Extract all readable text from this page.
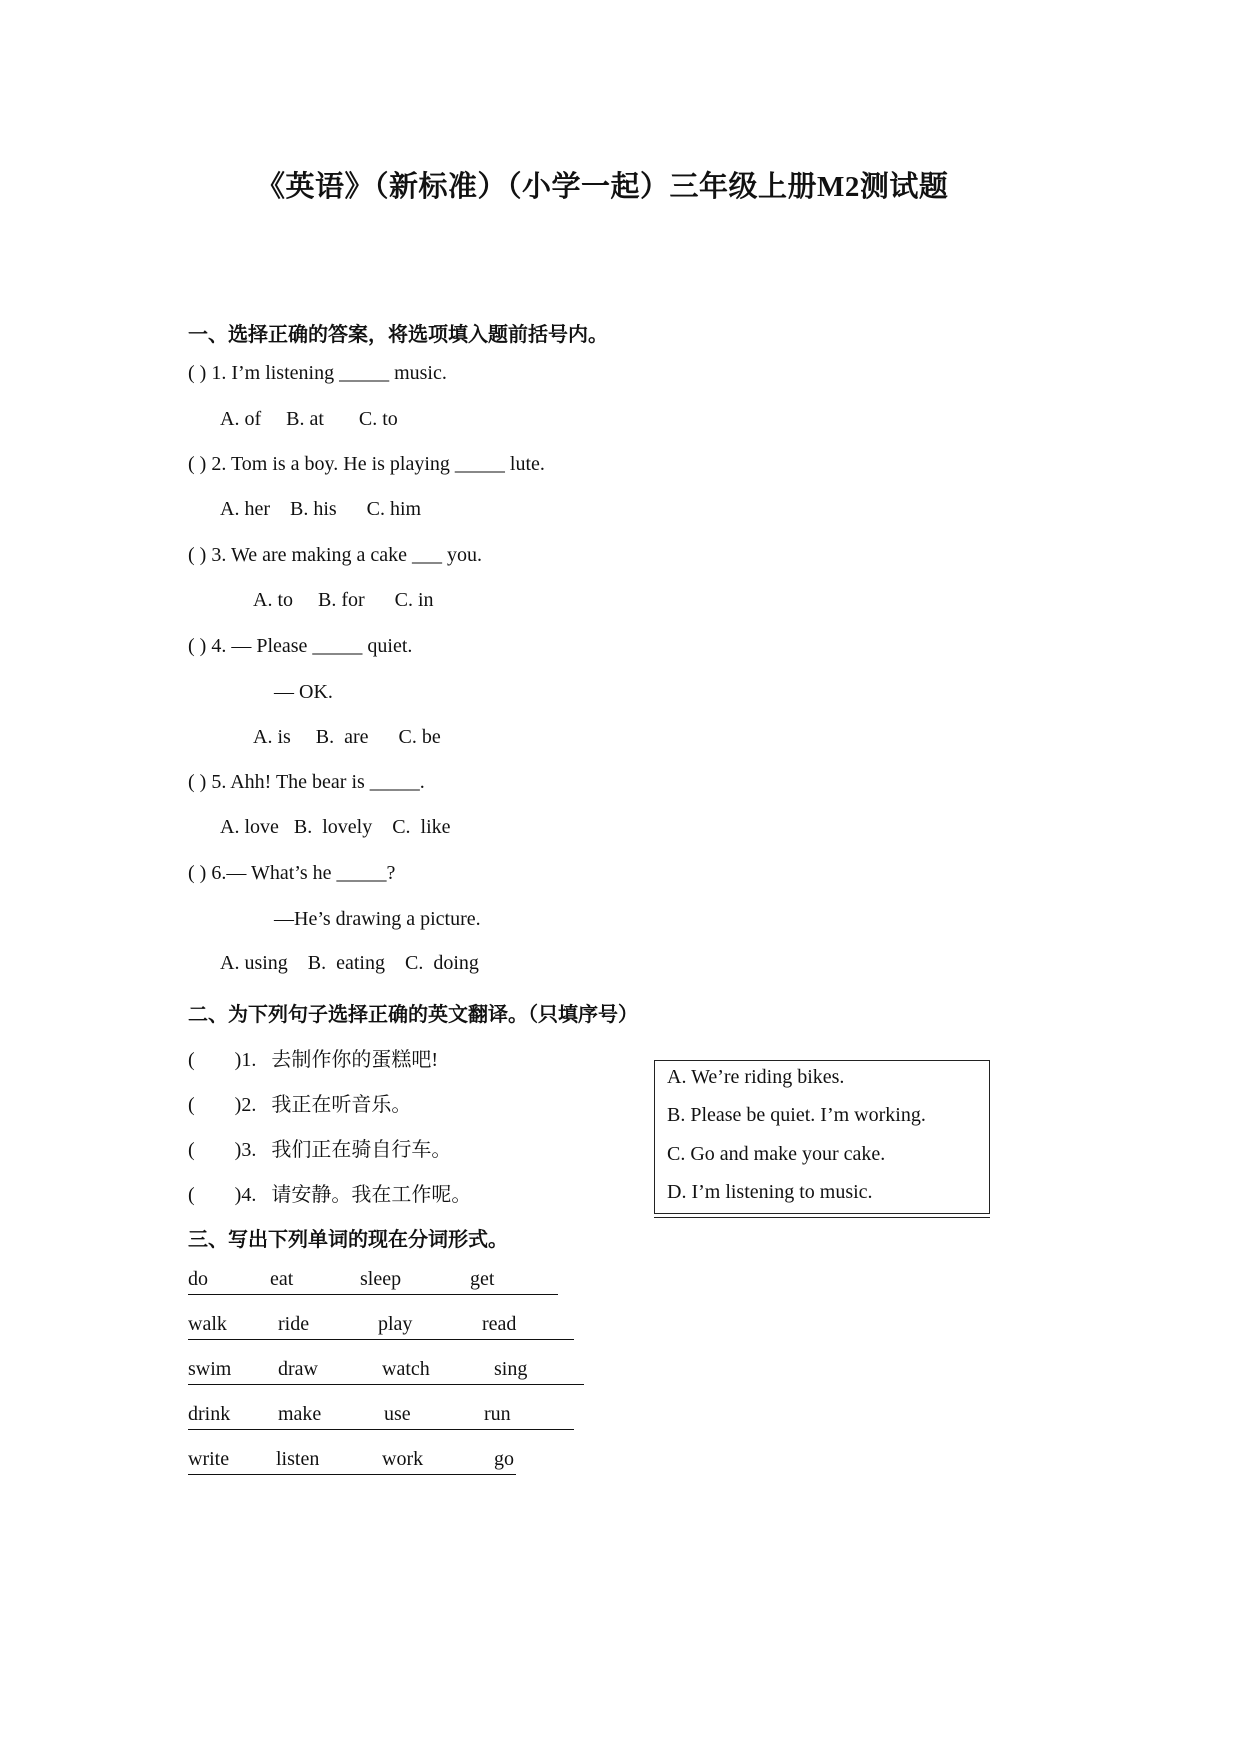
《英语》（新标准）（小学一起）三年级上册M2测试题
一、选择正确的答案，将选项填入题前括号内。
( ) 1. I’m listening _____ music.
A. of     B. at       C. to
( ) 2. Tom is a boy. He is playing _____ lute.
A. her    B. his      C. him
( ) 3. We are making a cake ___ you.
A. to     B. for      C. in
( ) 4. — Please _____ quiet.
— OK.
A. is     B.  are      C. be
( ) 5. Ahh! The bear is _____.
A. love   B.  lovely    C.  like
( ) 6.— What’s he _____?
—He’s drawing a picture.
A. using    B.  eating    C.  doing
二、为下列句子选择正确的英文翻译。（只填序号）
(        )1.   去制作你的蛋糕吧!
(        )2.   我正在听音乐。
(        )3.   我们正在骑自行车。
(        )4.   请安静。我在工作呢。
A. We’re riding bikes.
B. Please be quiet. I’m working.
C. Go and make your cake.
D. I’m listening to music.
三、写出下列单词的现在分词形式。
do	eat	sleep	get
walk	ride	play	read
swim draw	watch	sing
drink make	use	run
write listen	work	go
